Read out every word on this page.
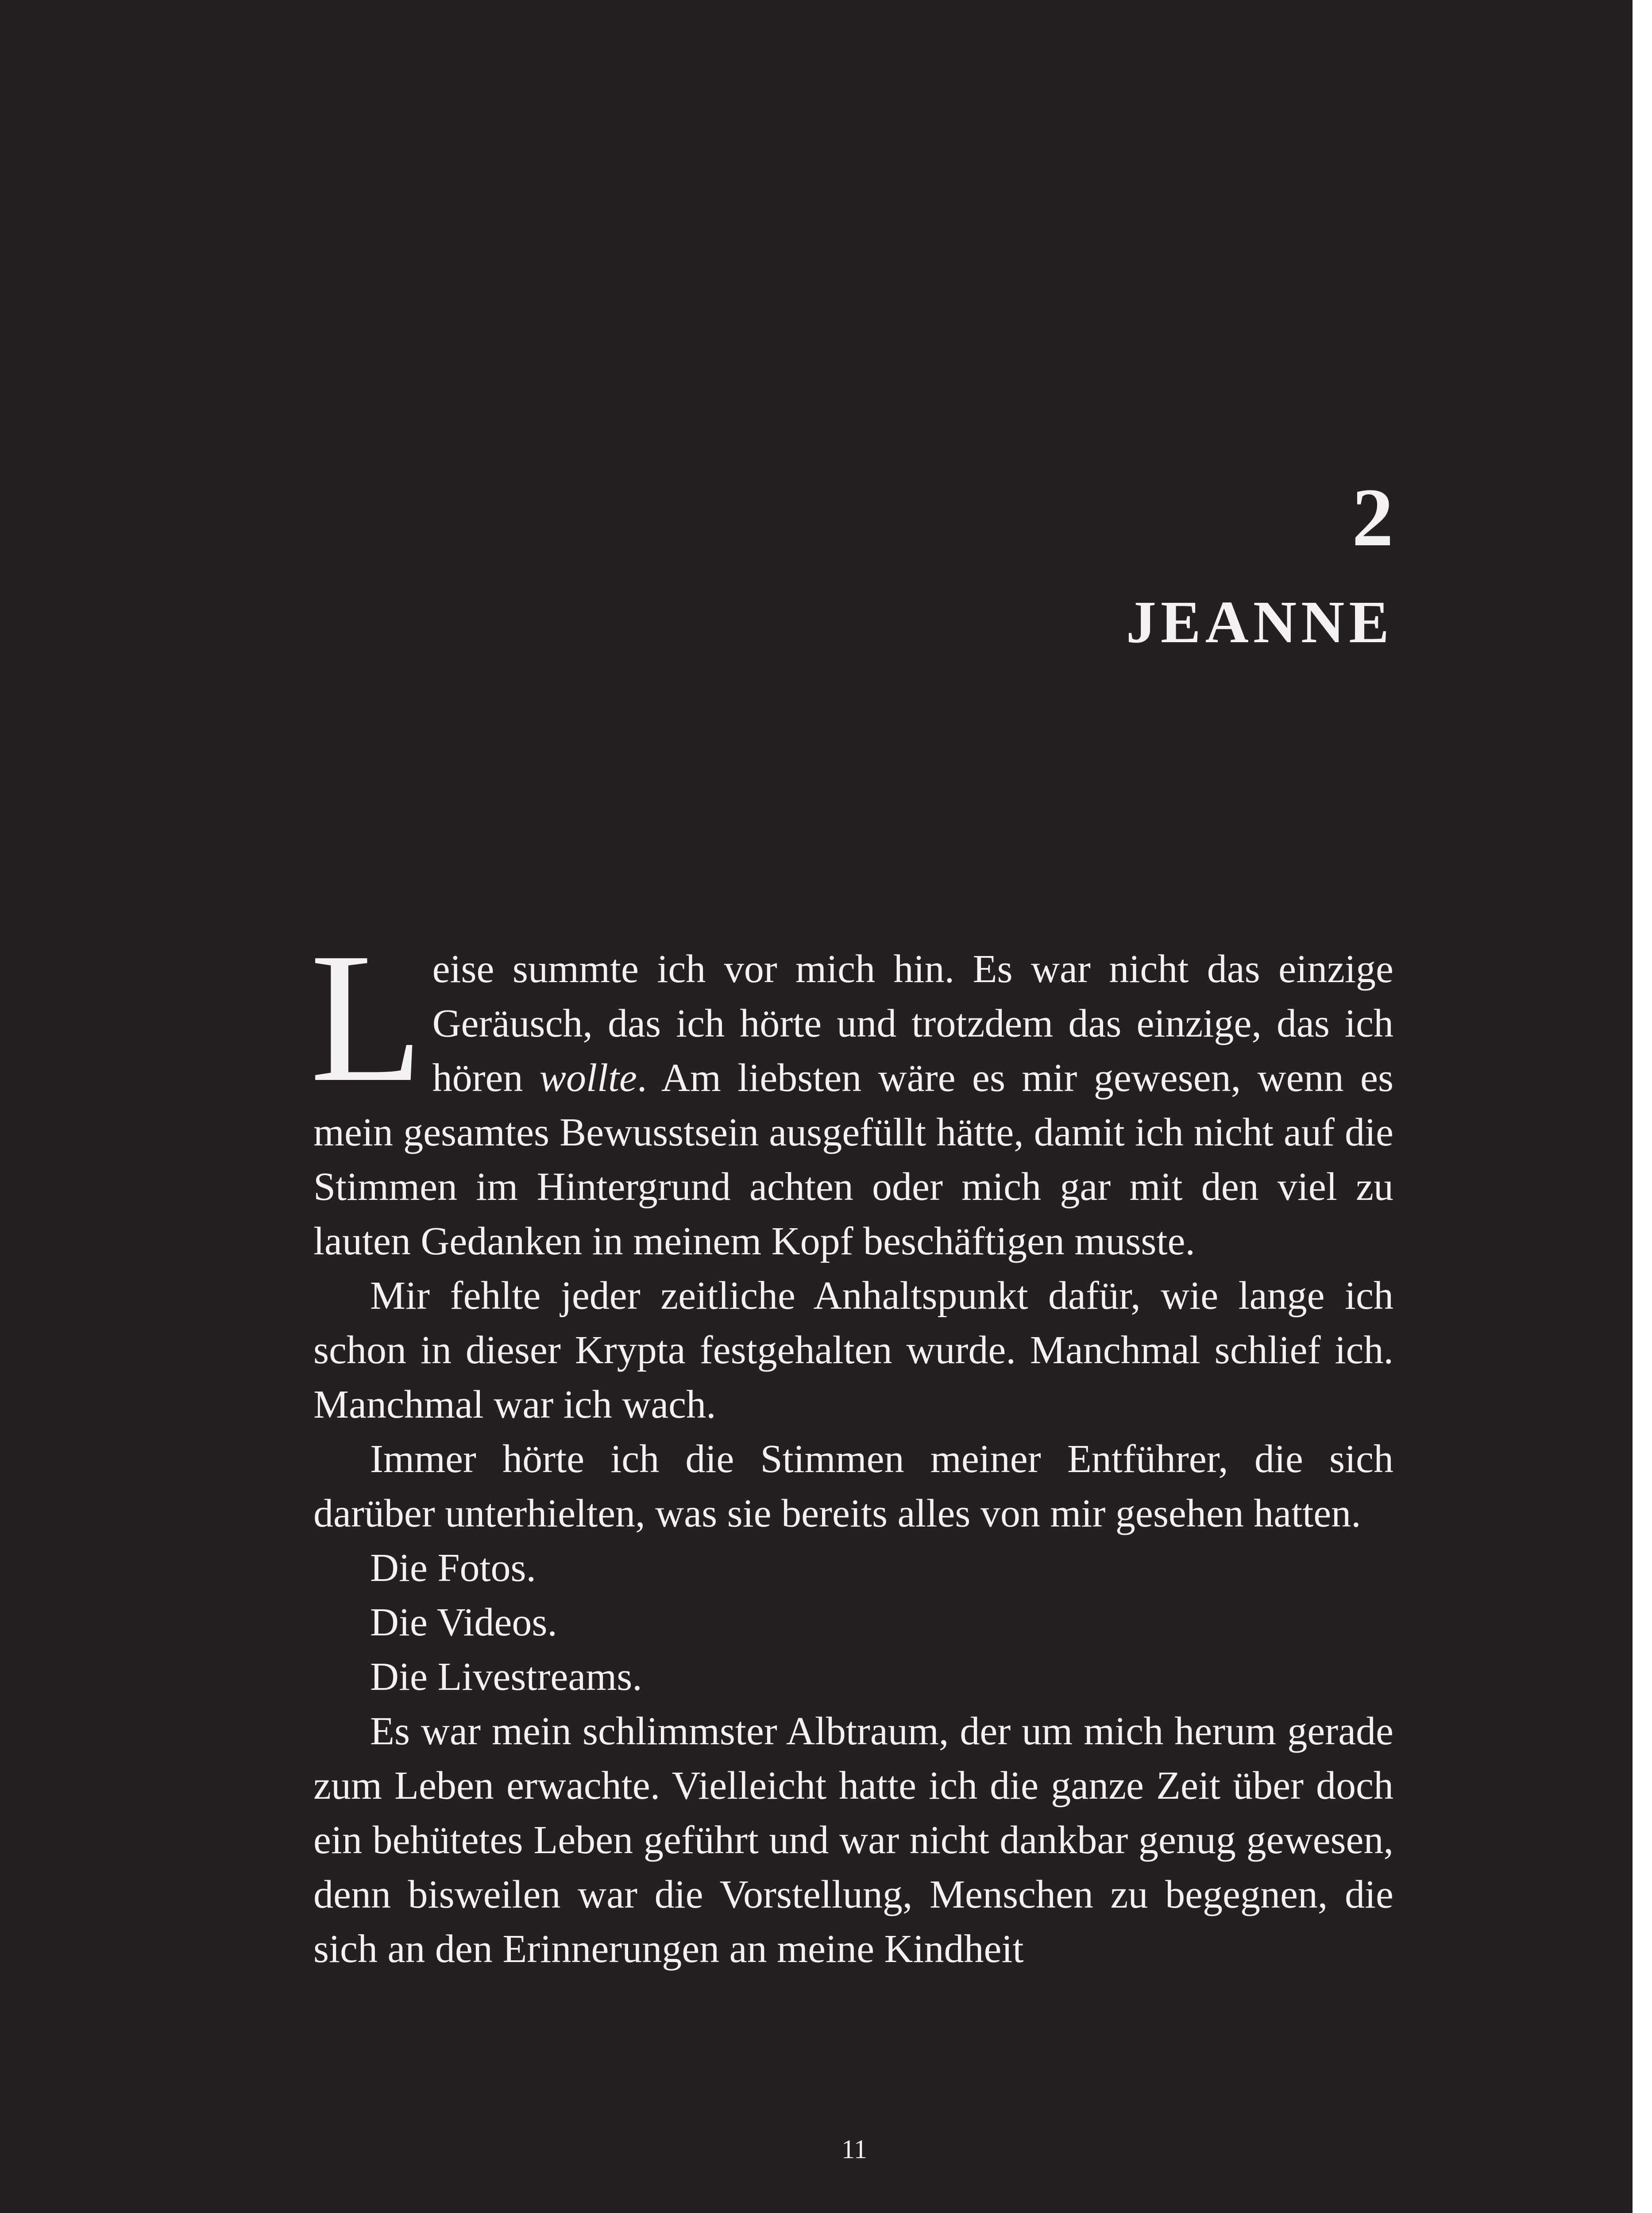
2
JEANNE

Leise summte ich vor mich hin. Es war nicht das einzige Geräusch, das ich hörte und trotzdem das einzige, das ich hören wollte. Am liebsten wäre es mir gewesen, wenn es mein gesamtes Bewusstsein ausgefüllt hätte, damit ich nicht auf die Stimmen im Hintergrund achten oder mich gar mit den viel zu lauten Gedanken in meinem Kopf beschäftigen musste.

Mir fehlte jeder zeitliche Anhaltspunkt dafür, wie lange ich schon in dieser Krypta festgehalten wurde. Manchmal schlief ich. Manchmal war ich wach.

Immer hörte ich die Stimmen meiner Entführer, die sich darüber unterhielten, was sie bereits alles von mir gesehen hatten.

Die Fotos.

Die Videos.

Die Livestreams.

Es war mein schlimmster Albtraum, der um mich herum gerade zum Leben erwachte. Vielleicht hatte ich die ganze Zeit über doch ein behütetes Leben geführt und war nicht dankbar genug gewesen, denn bisweilen war die Vorstellung, Menschen zu begegnen, die sich an den Erinnerungen an meine Kindheit

11
